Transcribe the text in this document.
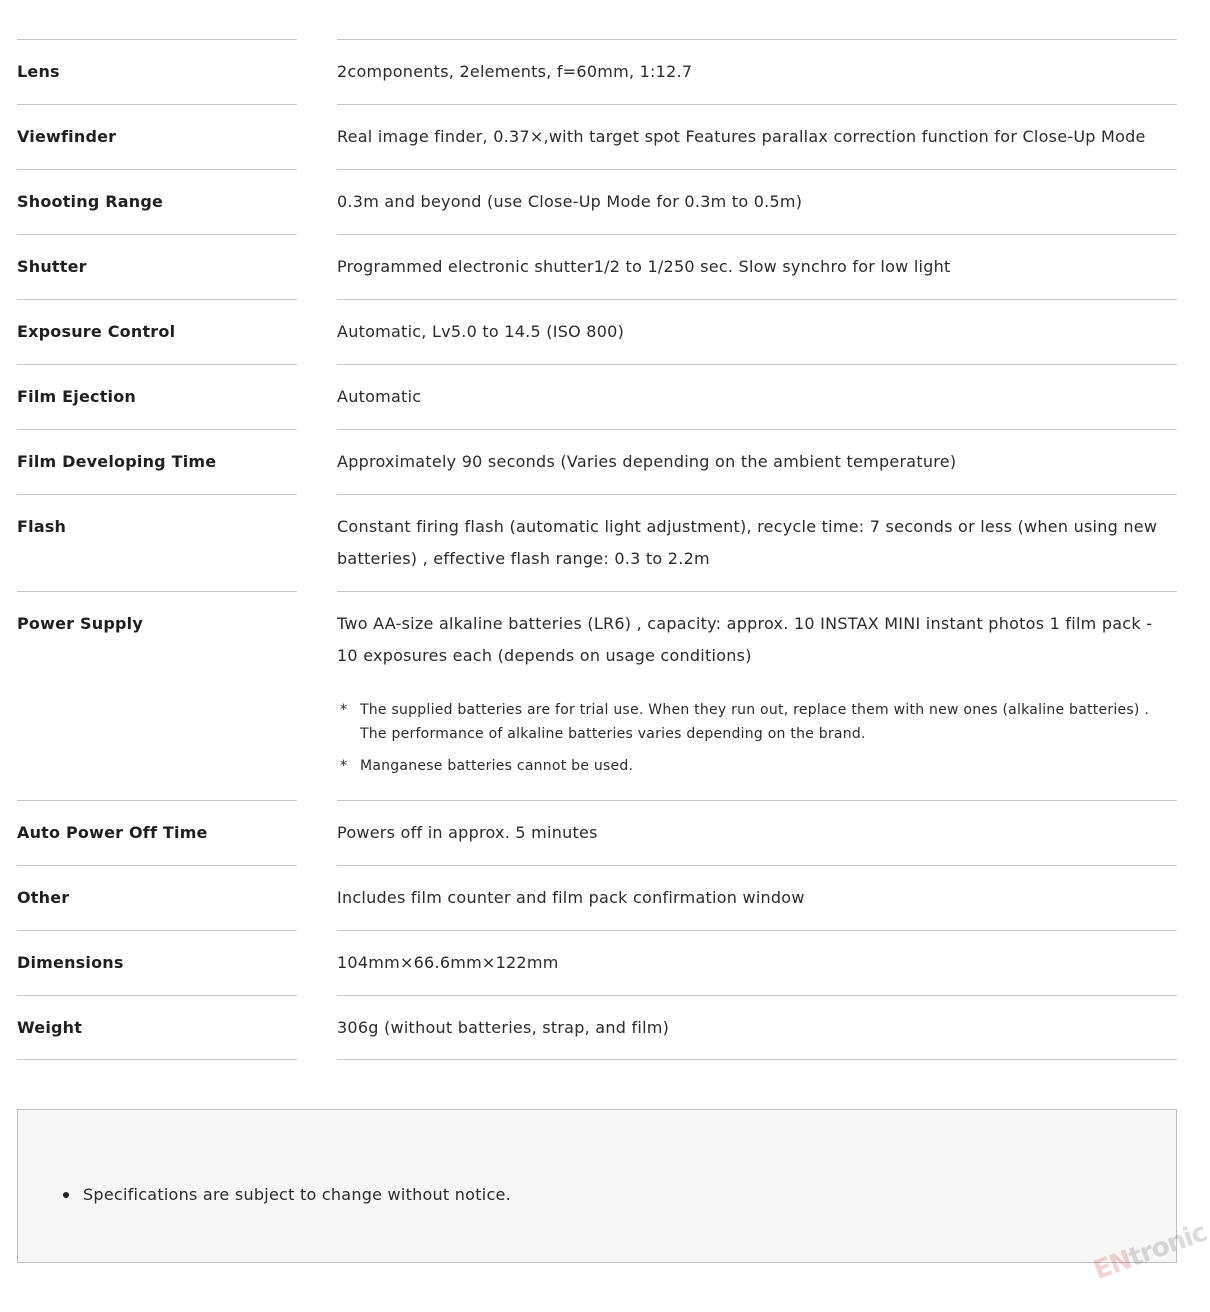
Lens	2components, 2elements, f=60mm, 1:12.7
Viewfinder	Real image finder, 0.37×,with target spot Features parallax correction function for Close-Up Mode
Shooting Range	0.3m and beyond (use Close-Up Mode for 0.3m to 0.5m)
Shutter	Programmed electronic shutter1/2 to 1/250 sec. Slow synchro for low light
Exposure Control	Automatic, Lv5.0 to 14.5 (ISO 800)
Film Ejection	Automatic
Film Developing Time	Approximately 90 seconds (Varies depending on the ambient temperature)
Flash	Constant firing flash (automatic light adjustment), recycle time: 7 seconds or less (when using new batteries) , effective flash range: 0.3 to 2.2m
Power Supply	Two AA-size alkaline batteries (LR6) , capacity: approx. 10 INSTAX MINI instant photos 1 film pack - 10 exposures each (depends on usage conditions)
* The supplied batteries are for trial use. When they run out, replace them with new ones (alkaline batteries) . The performance of alkaline batteries varies depending on the brand.
* Manganese batteries cannot be used.
Auto Power Off Time	Powers off in approx. 5 minutes
Other	Includes film counter and film pack confirmation window
Dimensions	104mm×66.6mm×122mm
Weight	306g (without batteries, strap, and film)
Specifications are subject to change without notice.
ENtronic
